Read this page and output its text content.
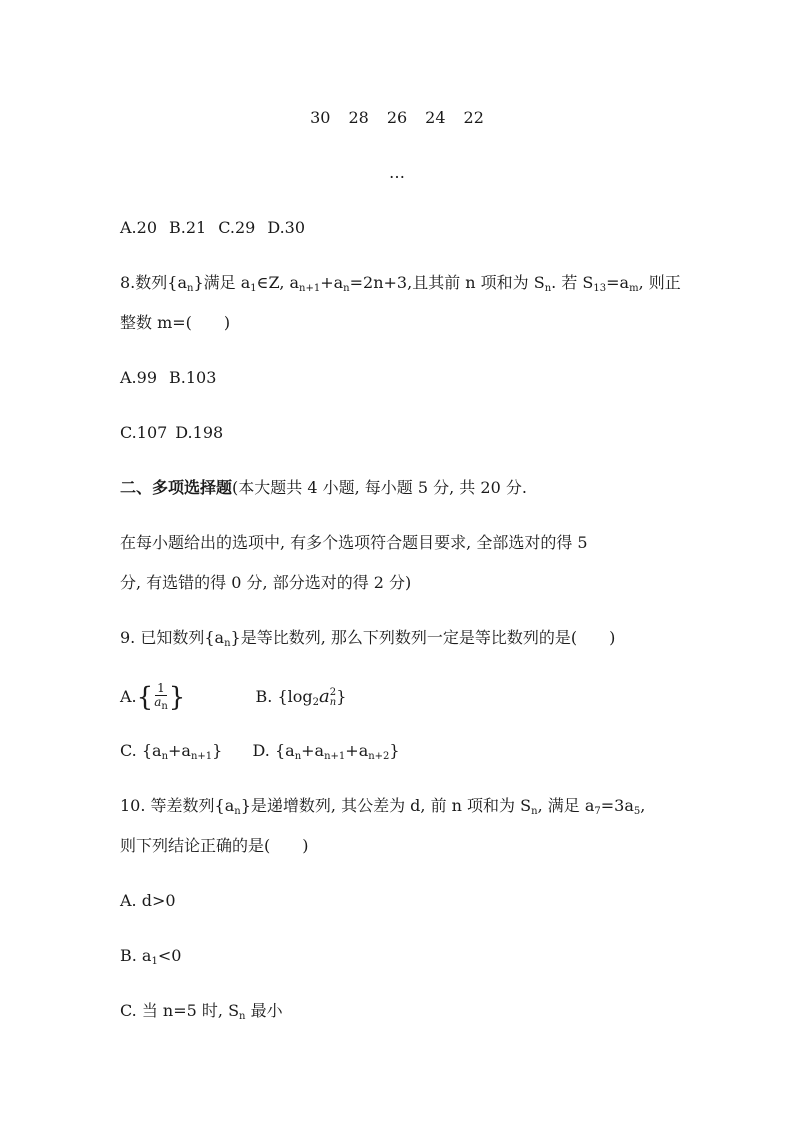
30 28 26 24 22
…
A.20 B.21 C.29 D.30
8.数列$\{a_n\}$满足 $a_1\in Z$, $a_{n+1}+a_n=2n+3$,且其前 n 项和为 $S_n$. 若 $S_{13}=a_m$, 则正
整数 m=(　　)
A.99 B.103
C.107 D.198
二、多项选择题(本大题共 4 小题, 每小题 5 分, 共 20 分.
在每小题给出的选项中, 有多个选项符合题目要求, 全部选对的得 5
分, 有选错的得 0 分, 部分选对的得 2 分)
9. 已知数列$\{a_n\}$是等比数列, 那么下列数列一定是等比数列的是(　　)
$A.\{ \frac{1}{a_n}$ }	B. {$\log_2a$ 2
n }
C. $\{a_n+a_{n+1}\}$ D. $\{a_n+a_{n+1}+a_{n+2}\}$
10. 等差数列$\{a_n\}$是递增数列, 其公差为 d, 前 n 项和为 $S_n$, 满足 $a_7=3a_5$,
则下列结论正确的是(　　)
A. d>0
B. $a_1<0$
C. 当 n=5 时, $S_n$ 最小
